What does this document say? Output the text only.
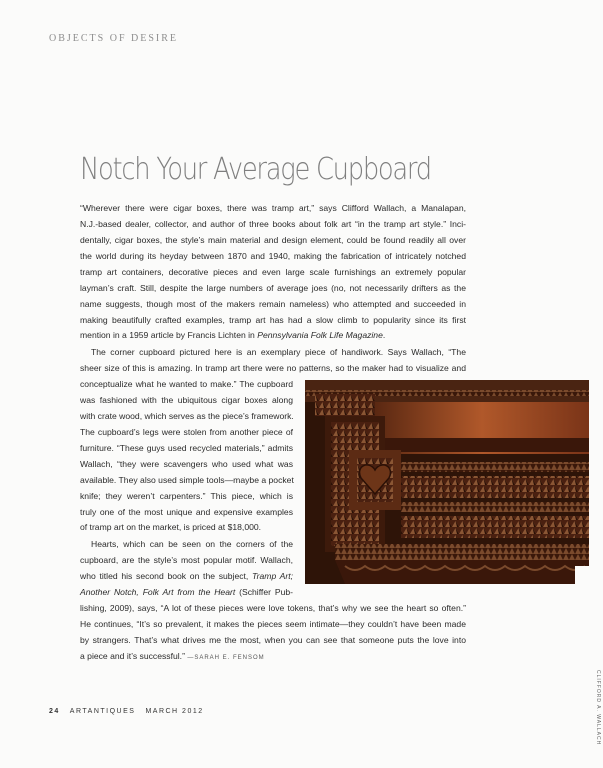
OBJECTS OF DESIRE
Notch Your Average Cupboard

“Wherever there were cigar boxes, there was tramp art,” says Clifford Wallach, a Manalapan,

N.J.-based dealer, collector, and author of three books about folk art “in the tramp art style.” Inci-

dentally, cigar boxes, the style’s main material and design element, could be found readily all over

the world during its heyday between 1870 and 1940, making the fabrication of intricately notched

tramp art containers, decorative pieces and even large scale furnishings an extremely popular

layman’s craft. Still, despite the large numbers of average joes (no, not necessarily drifters as the

name suggests, though most of the makers remain nameless) who attempted and succeeded in

making beautifully crafted examples, tramp art has had a slow climb to popularity since its first

mention in a 1959 article by Francis Lichten in Pennsylvania Folk Life Magazine.

The corner cupboard pictured here is an exemplary piece of handiwork. Says Wallach, “The

sheer size of this is amazing. In tramp art there were no patterns, so the maker had to visualize and

conceptualize what he wanted to make.” The cupboard

was fashioned with the ubiquitous cigar boxes along

with crate wood, which serves as the piece’s framework.

The cupboard’s legs were stolen from another piece of

furniture. “These guys used recycled materials,” admits

Wallach, “they were scavengers who used what was

available. They also used simple tools—maybe a pocket

knife; they weren’t carpenters.” This piece, which is

truly one of the most unique and expensive examples

of tramp art on the market, is priced at $18,000.

Hearts, which can be seen on the corners of the

cupboard, are the style’s most popular motif. Wallach,

who titled his second book on the subject, Tramp Art;

Another Notch, Folk Art from the Heart (Schiffer Pub-

lishing, 2009), says, “A lot of these pieces were love tokens, that’s why we see the heart so often.”

He continues, “It’s so prevalent, it makes the pieces seem intimate—they couldn’t have been made

by strangers. That’s what drives me the most, when you can see that someone puts the love into

a piece and it’s successful.” —SARAH E. FENSOM

CLIFFORD A. WALLACH
24 ARTANTIQUES MARCH 2012
